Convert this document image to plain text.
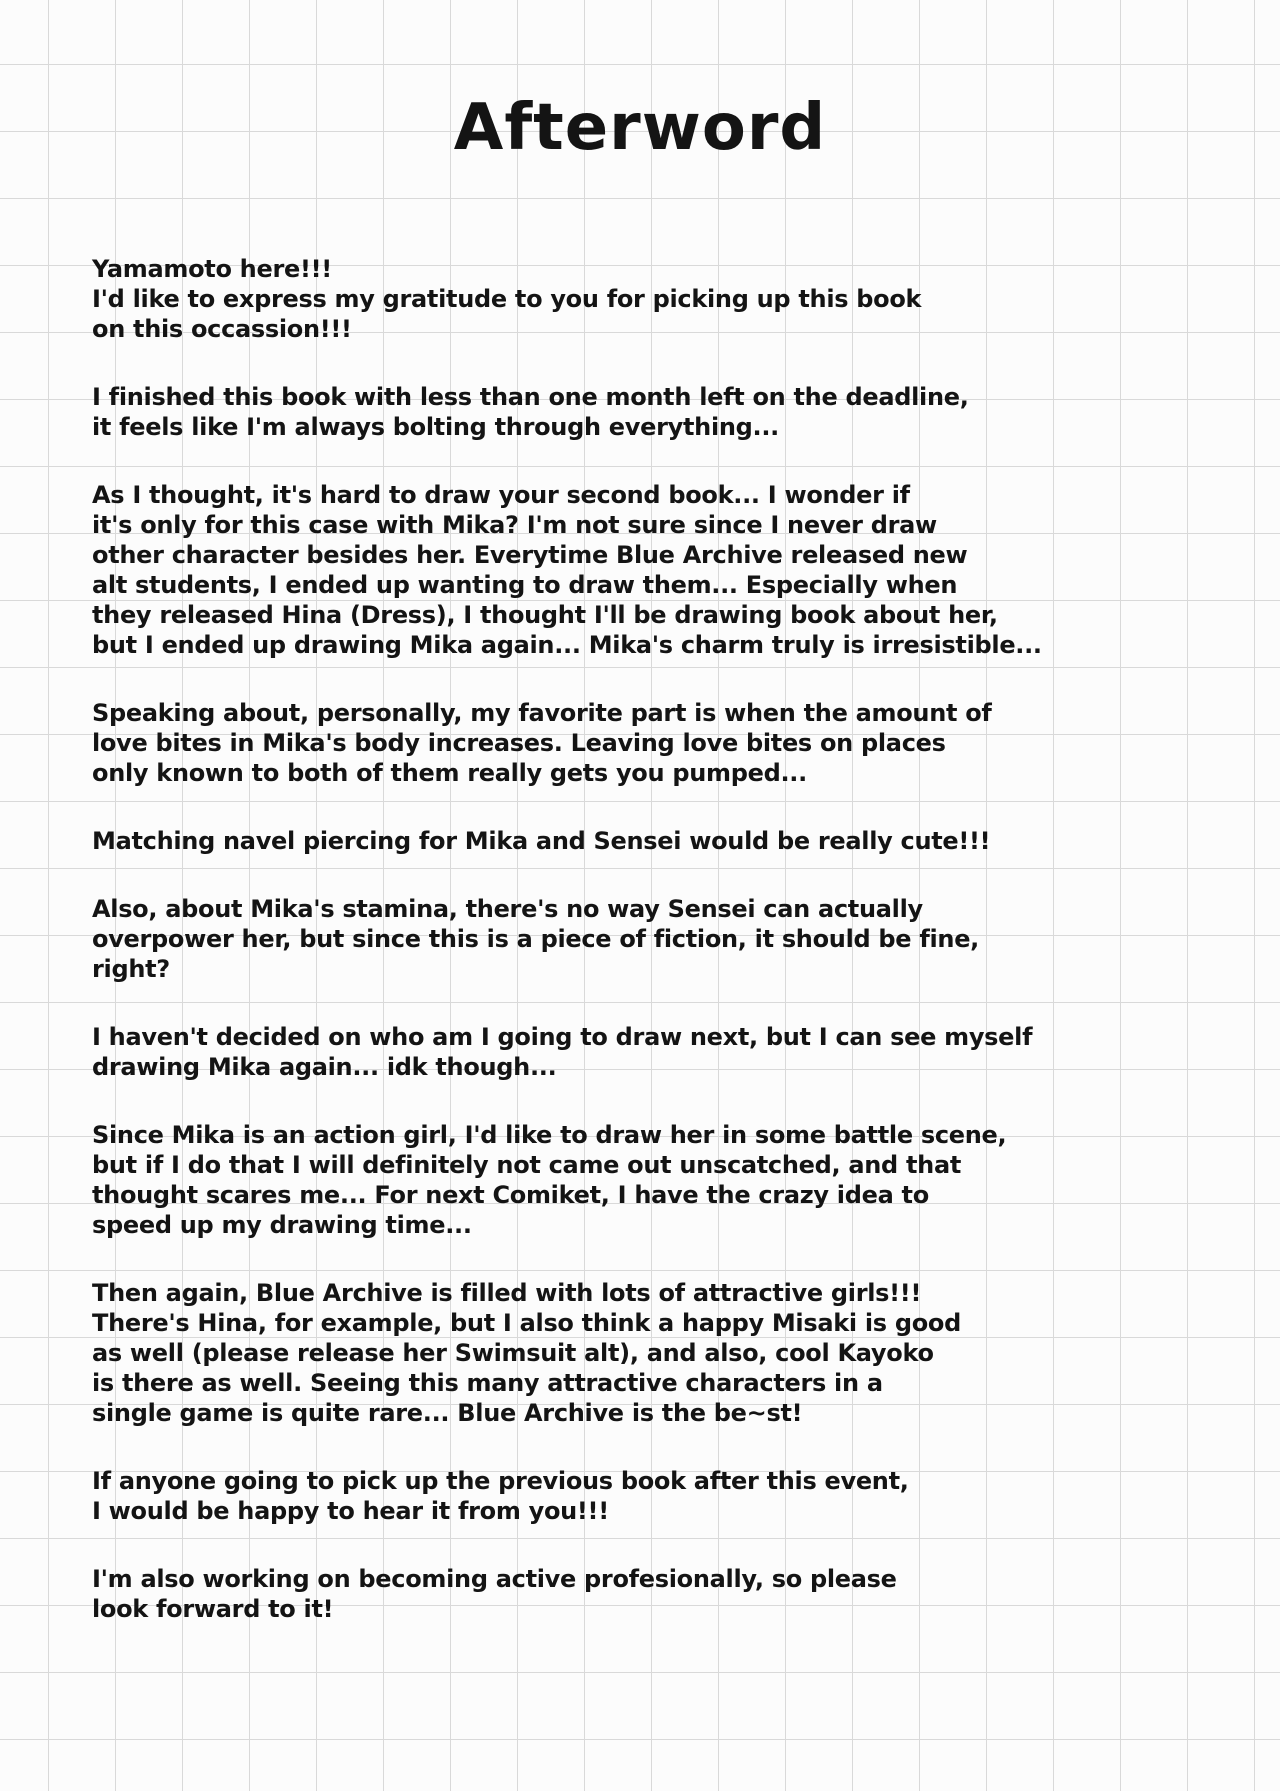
Afterword
Yamamoto here!!!
I'd like to express my gratitude to you for picking up this book
on this occassion!!!
I finished this book with less than one month left on the deadline,
it feels like I'm always bolting through everything...
As I thought, it's hard to draw your second book... I wonder if
it's only for this case with Mika? I'm not sure since I never draw
other character besides her. Everytime Blue Archive released new
alt students, I ended up wanting to draw them... Especially when
they released Hina (Dress), I thought I'll be drawing book about her,
but I ended up drawing Mika again... Mika's charm truly is irresistible...
Speaking about, personally, my favorite part is when the amount of
love bites in Mika's body increases. Leaving love bites on places
only known to both of them really gets you pumped...
Matching navel piercing for Mika and Sensei would be really cute!!!
Also, about Mika's stamina, there's no way Sensei can actually
overpower her, but since this is a piece of fiction, it should be fine,
right?
I haven't decided on who am I going to draw next, but I can see myself
drawing Mika again... idk though...
Since Mika is an action girl, I'd like to draw her in some battle scene,
but if I do that I will definitely not came out unscatched, and that
thought scares me... For next Comiket, I have the crazy idea to
speed up my drawing time...
Then again, Blue Archive is filled with lots of attractive girls!!!
There's Hina, for example, but I also think a happy Misaki is good
as well (please release her Swimsuit alt), and also, cool Kayoko
is there as well. Seeing this many attractive characters in a
single game is quite rare... Blue Archive is the be~st!
If anyone going to pick up the previous book after this event,
I would be happy to hear it from you!!!
I'm also working on becoming active profesionally, so please
look forward to it!
